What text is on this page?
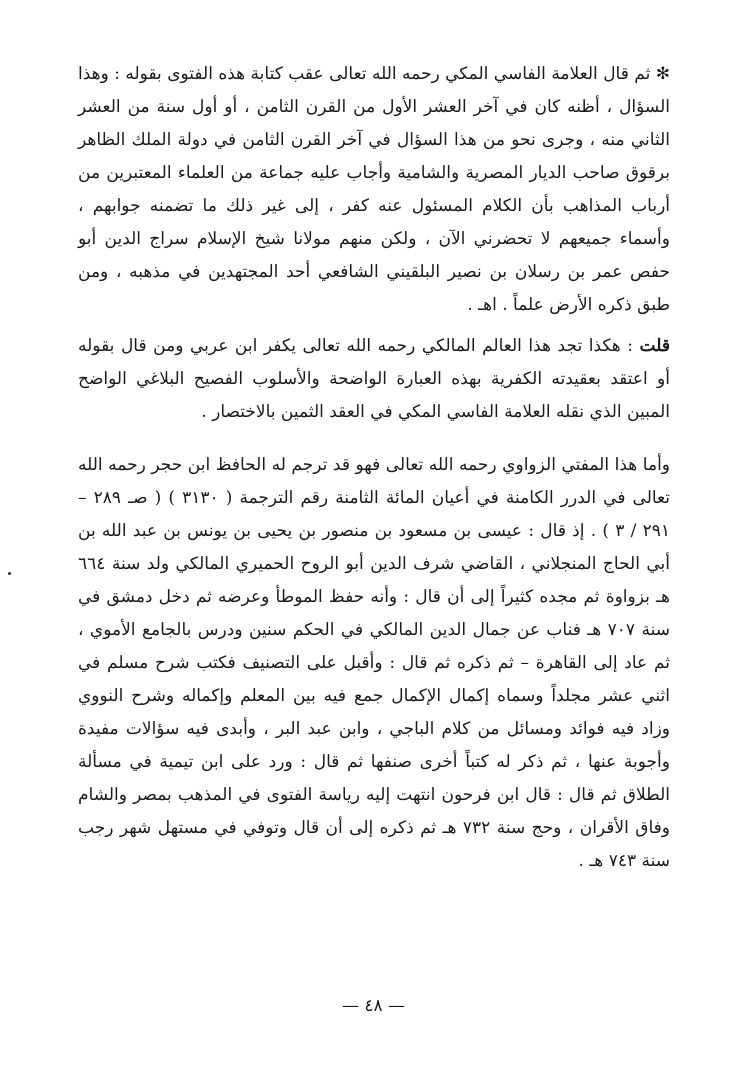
✻ ثم قال العلامة الفاسي المكي رحمه الله تعالى عقب كتابة هذه الفتوى بقوله : وهذا السؤال ، أظنه كان في آخر العشر الأول من القرن الثامن ، أو أول سنة من العشر الثاني منه ، وجرى نحو من هذا السؤال في آخر القرن الثامن في دولة الملك الظاهر برقوق صاحب الديار المصرية والشامية وأجاب عليه جماعة من العلماء المعتبرين من أرباب المذاهب بأن الكلام المسئول عنه كفر ، إلى غير ذلك ما تضمنه جوابهم ، وأسماء جميعهم لا تحضرني الآن ، ولكن منهم مولانا شيخ الإسلام سراج الدين أبو حفص عمر بن رسلان بن نصير البلقيني الشافعي أحد المجتهدين في مذهبه ، ومن طبق ذكره الأرض علماً . اهـ .

قلت : هكذا تجد هذا العالم المالكي رحمه الله تعالى يكفر ابن عربي ومن قال بقوله أو اعتقد بعقيدته الكفرية بهذه العبارة الواضحة والأسلوب الفصيح البلاغي الواضح المبين الذي نقله العلامة الفاسي المكي في العقد الثمين بالاختصار .

وأما هذا المفتي الزواوي رحمه الله تعالى فهو قد ترجم له الحافظ ابن حجر رحمه الله تعالى في الدرر الكامنة في أعيان المائة الثامنة رقم الترجمة ( ٣١٣٠ ) ( صـ ٢٨٩ – ٢٩١ / ٣ ) . إذ قال : عيسى بن مسعود بن منصور بن يحيى بن يونس بن عبد الله بن أبي الحاج المنجلاني ، القاضي شرف الدين أبو الروح الحميري المالكي ولد سنة ٦٦٤ هـ بزواوة ثم مجده كثيراً إلى أن قال : وأنه حفظ الموطأ وعرضه ثم دخل دمشق في سنة ٧٠٧ هـ فناب عن جمال الدين المالكي في الحكم سنين ودرس بالجامع الأموي ، ثم عاد إلى القاهرة – ثم ذكره ثم قال : وأقبل على التصنيف فكتب شرح مسلم في اثني عشر مجلداً وسماه إكمال الإكمال جمع فيه بين المعلم وإكماله وشرح النووي وزاد فيه فوائد ومسائل من كلام الباجي ، وابن عبد البر ، وأبدى فيه سؤالات مفيدة وأجوبة عنها ، ثم ذكر له كتباً أخرى صنفها ثم قال : ورد على ابن تيمية في مسألة الطلاق ثم قال : قال ابن فرحون انتهت إليه رياسة الفتوى في المذهب بمصر والشام وفاق الأقران ، وحج سنة ٧٣٢ هـ ثم ذكره إلى أن قال وتوفي في مستهل شهر رجب سنة ٧٤٣ هـ .

— ٤٨ —
